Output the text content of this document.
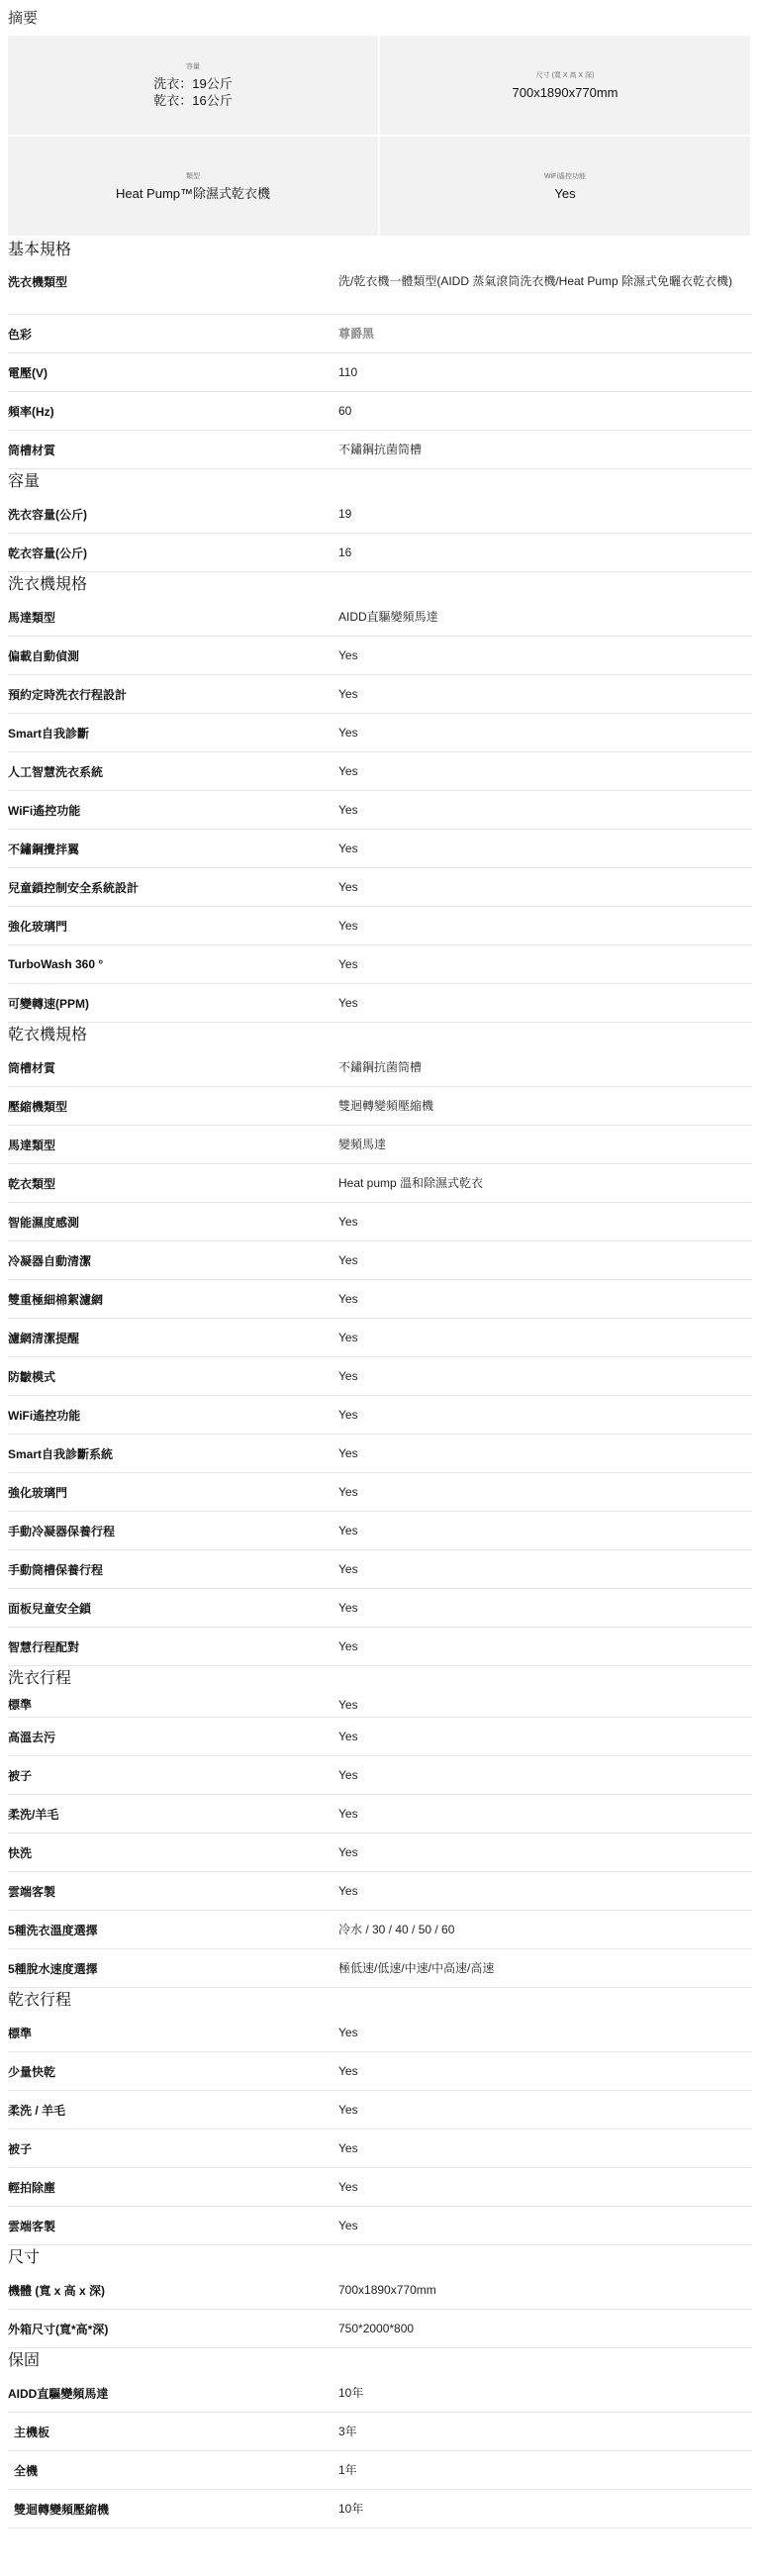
摘要
容量
洗衣：19公斤
乾衣：16公斤
尺寸 (寬 X 高 X 深)
700x1890x770mm
類型
Heat Pump™除濕式乾衣機
WiFi遙控功能
Yes
基本規格
洗衣機類型	洗/乾衣機一體類型(AIDD 蒸氣滾筒洗衣機/Heat Pump 除濕式免曬衣乾衣機)
色彩	尊爵黑
電壓(V)	110
頻率(Hz)	60
筒槽材質	不鏽鋼抗菌筒槽
容量
洗衣容量(公斤)	19
乾衣容量(公斤)	16
洗衣機規格
馬達類型	AIDD直驅變頻馬達
偏載自動偵測	Yes
預約定時洗衣行程設計	Yes
Smart自我診斷	Yes
人工智慧洗衣系統	Yes
WiFi遙控功能	Yes
不鏽鋼攪拌翼	Yes
兒童鎖控制安全系統設計	Yes
強化玻璃門	Yes
TurboWash 360 °	Yes
可變轉速(PPM)	Yes
乾衣機規格
筒槽材質	不鏽鋼抗菌筒槽
壓縮機類型	雙迴轉變頻壓縮機
馬達類型	變頻馬達
乾衣類型	Heat pump 溫和除濕式乾衣
智能濕度感測	Yes
冷凝器自動清潔	Yes
雙重極細棉絮濾網	Yes
濾網清潔提醒	Yes
防皺模式	Yes
WiFi遙控功能	Yes
Smart自我診斷系統	Yes
強化玻璃門	Yes
手動冷凝器保養行程	Yes
手動筒槽保養行程	Yes
面板兒童安全鎖	Yes
智慧行程配對	Yes
洗衣行程
標準	Yes
高溫去污	Yes
被子	Yes
柔洗/羊毛	Yes
快洗	Yes
雲端客製	Yes
5種洗衣溫度選擇	冷水 / 30 / 40 / 50 / 60
5種脫水速度選擇	極低速/低速/中速/中高速/高速
乾衣行程
標準	Yes
少量快乾	Yes
柔洗 / 羊毛	Yes
被子	Yes
輕拍除塵	Yes
雲端客製	Yes
尺寸
機體 (寬 x 高 x 深)	700x1890x770mm
外箱尺寸(寬*高*深)	750*2000*800
保固
AIDD直驅變頻馬達	10年
主機板	3年
全機	1年
雙迴轉變頻壓縮機	10年
